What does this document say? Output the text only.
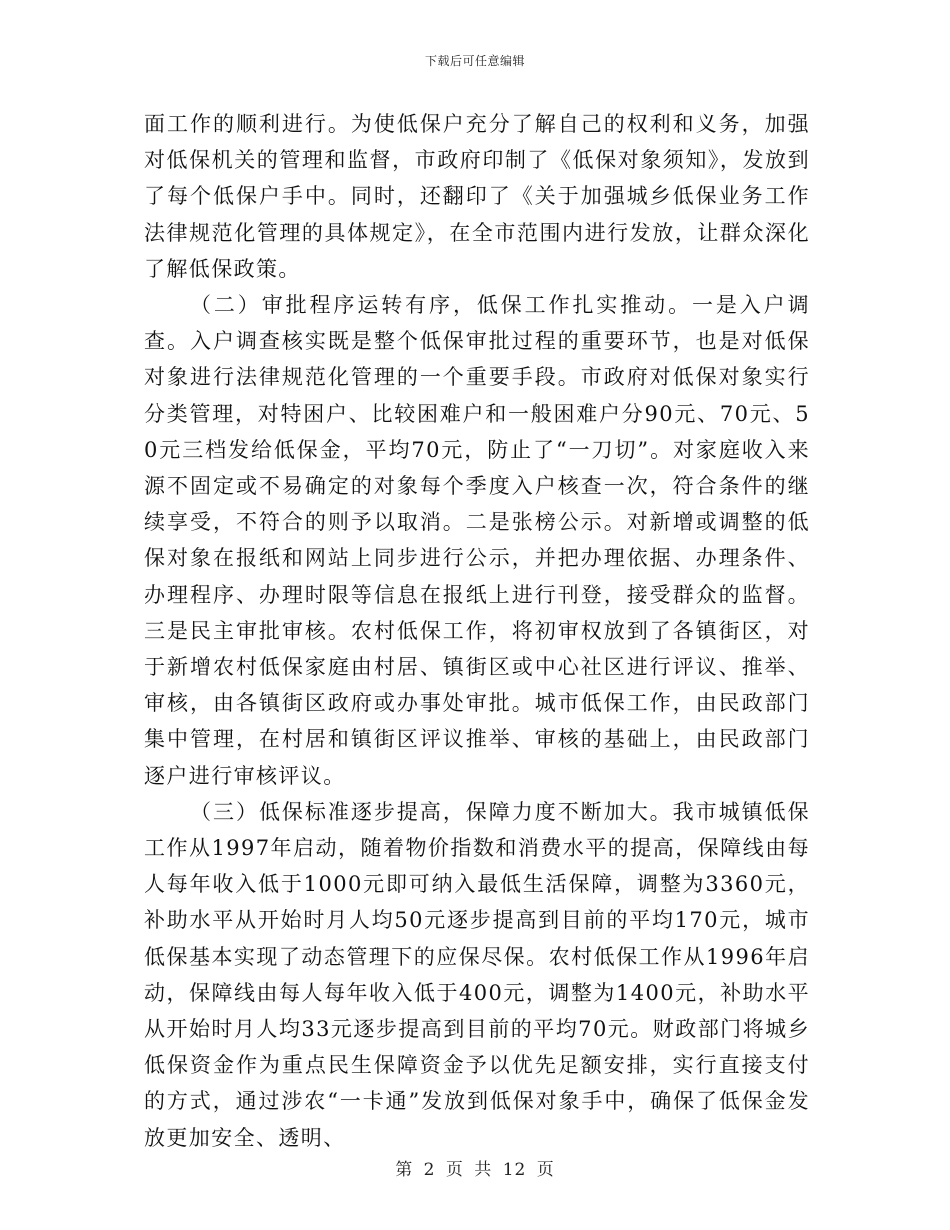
下载后可任意编辑

面工作的顺利进行。为使低保户充分了解自己的权利和义务，加强对低保机关的管理和监督，市政府印制了《低保对象须知》，发放到了每个低保户手中。同时，还翻印了《关于加强城乡低保业务工作法律规范化管理的具体规定》，在全市范围内进行发放，让群众深化了解低保政策。

（二）审批程序运转有序，低保工作扎实推动。一是入户调查。入户调查核实既是整个低保审批过程的重要环节，也是对低保对象进行法律规范化管理的一个重要手段。市政府对低保对象实行分类管理，对特困户、比较困难户和一般困难户分90元、70元、50元三档发给低保金，平均70元，防止了“一刀切”。对家庭收入来源不固定或不易确定的对象每个季度入户核查一次，符合条件的继续享受，不符合的则予以取消。二是张榜公示。对新增或调整的低保对象在报纸和网站上同步进行公示，并把办理依据、办理条件、办理程序、办理时限等信息在报纸上进行刊登，接受群众的监督。三是民主审批审核。农村低保工作，将初审权放到了各镇街区，对于新增农村低保家庭由村居、镇街区或中心社区进行评议、推举、审核，由各镇街区政府或办事处审批。城市低保工作，由民政部门集中管理，在村居和镇街区评议推举、审核的基础上，由民政部门逐户进行审核评议。

（三）低保标准逐步提高，保障力度不断加大。我市城镇低保工作从1997年启动，随着物价指数和消费水平的提高，保障线由每人每年收入低于1000元即可纳入最低生活保障，调整为3360元，补助水平从开始时月人均50元逐步提高到目前的平均170元，城市低保基本实现了动态管理下的应保尽保。农村低保工作从1996年启动，保障线由每人每年收入低于400元，调整为1400元，补助水平从开始时月人均33元逐步提高到目前的平均70元。财政部门将城乡低保资金作为重点民生保障资金予以优先足额安排，实行直接支付的方式，通过涉农“一卡通”发放到低保对象手中，确保了低保金发放更加安全、透明、

第 2 页 共 12 页
